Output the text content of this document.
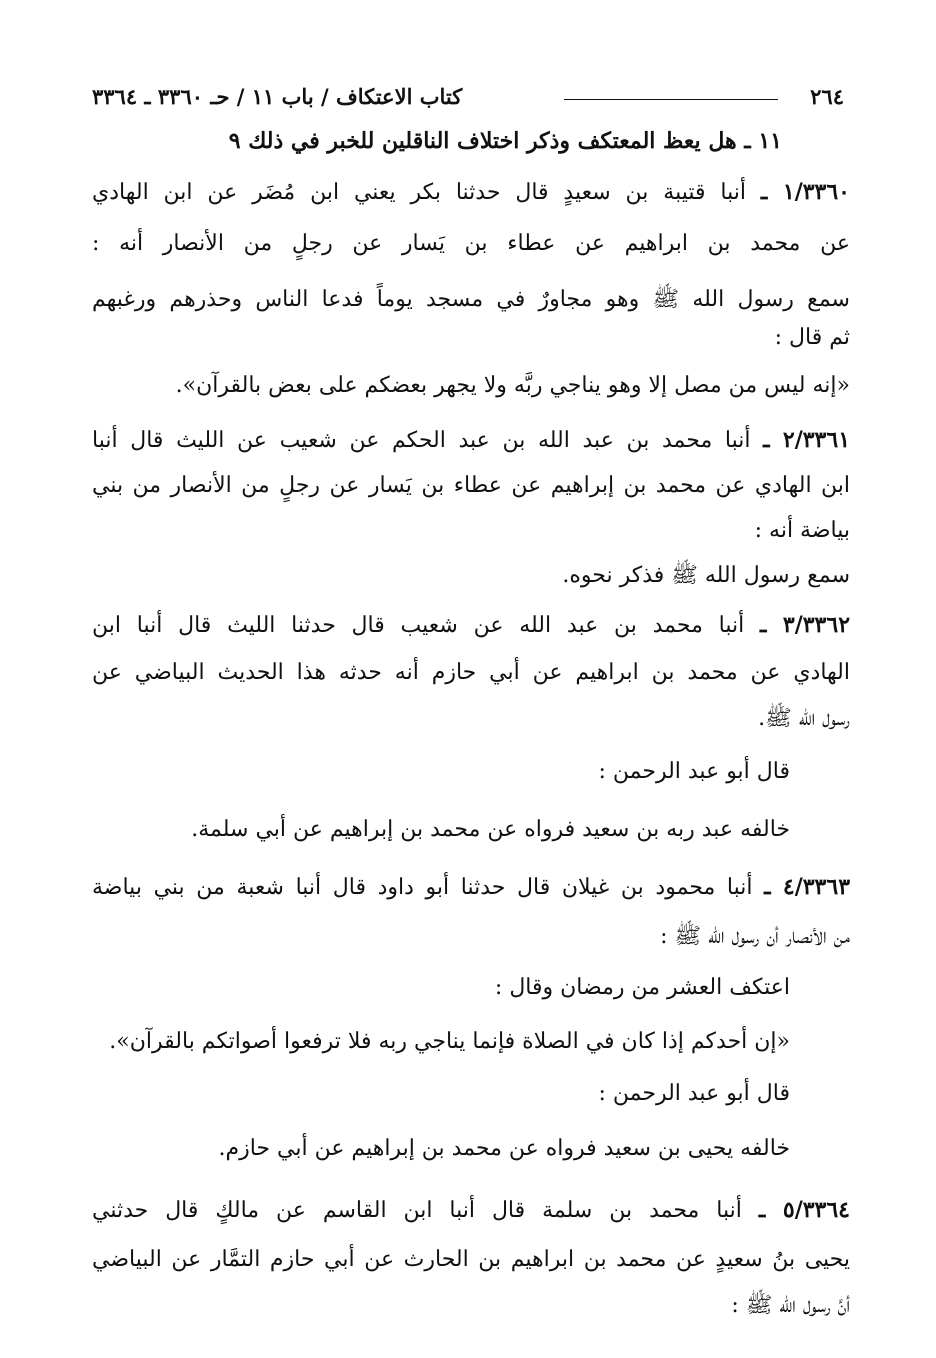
٢٦٤
كتاب الاعتكاف / باب ١١ / حـ ٣٣٦٠ ـ ٣٣٦٤
١١ ـ هل يعظ المعتكف وذكر اختلاف الناقلين للخبر في ذلك ٩
١/٣٣٦٠ ـ أنبا قتيبة بن سعيدٍ قال حدثنا بكر يعني ابن مُضَر عن ابن الهادي
عن محمد بن ابراهيم عن عطاء بن يَسار عن رجلٍ من الأنصار أنه :
سمع رسول الله ﷺ وهو مجاورٌ في مسجد يوماً فدعا الناس وحذرهم ورغبهم
ثم قال :
«إنه ليس من مصل إلا وهو يناجي ربَّه ولا يجهر بعضكم على بعض بالقرآن».
٢/٣٣٦١ ـ أنبا محمد بن عبد الله بن عبد الحكم عن شعيب عن الليث قال أنبا
ابن الهادي عن محمد بن إبراهيم عن عطاء بن يَسار عن رجلٍ من الأنصار من بني
بياضة أنه :
سمع رسول الله ﷺ فذكر نحوه.
٣/٣٣٦٢ ـ أنبا محمد بن عبد الله عن شعيب قال حدثنا الليث قال أنبا ابن
الهادي عن محمد بن ابراهيم عن أبي حازم أنه حدثه هذا الحديث البياضي عن
رسول الله ﷺ.
قال أبو عبد الرحمن :
خالفه عبد ربه بن سعيد فرواه عن محمد بن إبراهيم عن أبي سلمة.
٤/٣٣٦٣ ـ أنبا محمود بن غيلان قال حدثنا أبو داود قال أنبا شعبة من بني بياضة
من الأنصار أن رسول الله ﷺ :
اعتكف العشر من رمضان وقال :
«إن أحدكم إذا كان في الصلاة فإنما يناجي ربه فلا ترفعوا أصواتكم بالقرآن».
قال أبو عبد الرحمن :
خالفه يحيى بن سعيد فرواه عن محمد بن إبراهيم عن أبي حازم.
٥/٣٣٦٤ ـ أنبا محمد بن سلمة قال أنبا ابن القاسم عن مالكٍ قال حدثني
يحيى بنُ سعيدٍ عن محمد بن ابراهيم بن الحارث عن أبي حازم التمَّار عن البياضي
أنَّ رسول الله ﷺ :
